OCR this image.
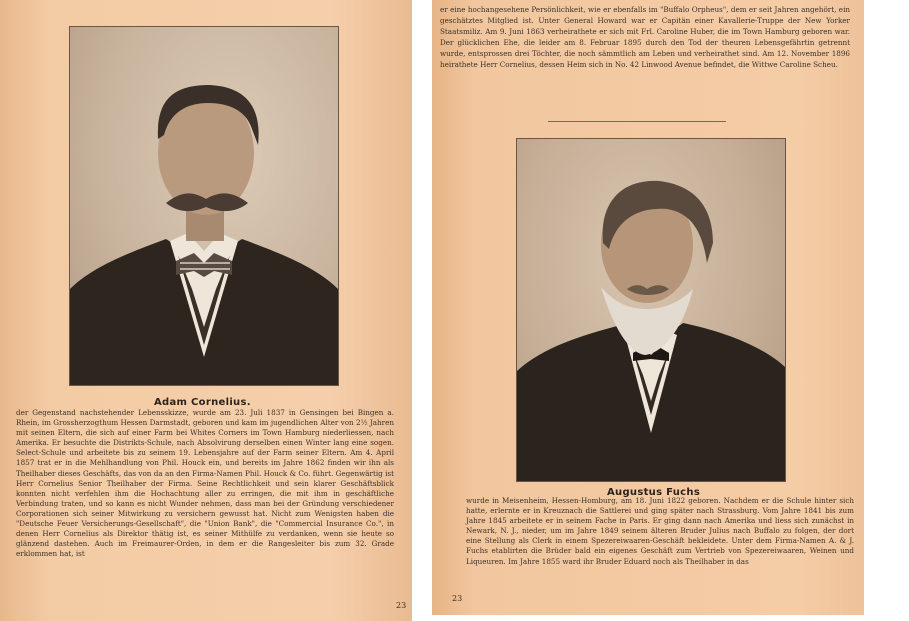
Adam Cornelius.

der Gegenstand nachstehender Lebensskizze, wurde am 23. Juli 1837 in Gensingen bei Bingen a. Rhein, im Grossherzogthum Hessen Darmstadt, geboren und kam im jugendlichen Alter von 2½ Jahren mit seinen Eltern, die sich auf einer Farm bei Whites Corners im Town Hamburg niederliessen, nach Amerika. Er besuchte die Distrikts-Schule, nach Absolvirung derselben einen Winter lang eine sogen. Select-Schule und arbeitete bis zu seinem 19. Lebensjahre auf der Farm seiner Eltern. Am 4. April 1857 trat er in die Mehlhandlung von Phil. Houck ein, und bereits im Jahre 1862 finden wir ihn als Theilhaber dieses Geschäfts, das von da an den Firma-Namen Phil. Houck & Co. führt. Gegenwärtig ist Herr Cornelius Senior Theilhaber der Firma. Seine Rechtlichkeit und sein klarer Geschäftsblick konnten nicht verfehlen ihm die Hochachtung aller zu erringen, die mit ihm in geschäftliche Verbindung traten, und so kann es nicht Wunder nehmen, dass man bei der Gründung verschiedener Corporationen sich seiner Mitwirkung zu versichern gewusst hat. Nicht zum Wenigsten haben die "Deutsche Feuer Versicherungs-Gesellschaft", die "Union Bank", die "Commercial Insurance Co.", in denen Herr Cornelius als Direktor thätig ist, es seiner Mithülfe zu verdanken, wenn sie heute so glänzend dastehen. Auch im Freimaurer-Orden, in dem er die Rangesleiter bis zum 32. Grade erklommen hat, ist

23

er eine hochangesehene Persönlichkeit, wie er ebenfalls im "Buffalo Orpheus", dem er seit Jahren angehört, ein geschätztes Mitglied ist. Unter General Howard war er Capitän einer Kavallerie-Truppe der New Yorker Staatsmiliz. Am 9. Juni 1863 verheirathete er sich mit Frl. Caroline Huber, die im Town Hamburg geboren war. Der glücklichen Ehe, die leider am 8. Februar 1895 durch den Tod der theuren Lebensgefährtin getrennt wurde, entsprossen drei Töchter, die noch sämmtlich am Leben und verheirathet sind. Am 12. November 1896 heirathete Herr Cornelius, dessen Heim sich in No. 42 Linwood Avenue befindet, die Wittwe Caroline Scheu.

Augustus Fuchs

wurde in Meisenheim, Hessen-Homburg, am 18. Juni 1822 geboren. Nachdem er die Schule hinter sich hatte, erlernte er in Kreuznach die Sattlerei und ging später nach Strassburg. Vom Jahre 1841 bis zum Jahre 1845 arbeitete er in seinem Fache in Paris. Er ging dann nach Amerika und liess sich zunächst in Newark, N. J., nieder, um im Jahre 1849 seinem älteren Bruder Julius nach Buffalo zu folgen, der dort eine Stellung als Clerk in einem Spezereiwaaren-Geschäft bekleidete. Unter dem Firma-Namen A. & J. Fuchs etablirten die Brüder bald ein eigenes Geschäft zum Vertrieb von Spezereiwaaren, Weinen und Liqueuren. Im Jahre 1855 ward ihr Bruder Eduard noch als Theilhaber in das

23
